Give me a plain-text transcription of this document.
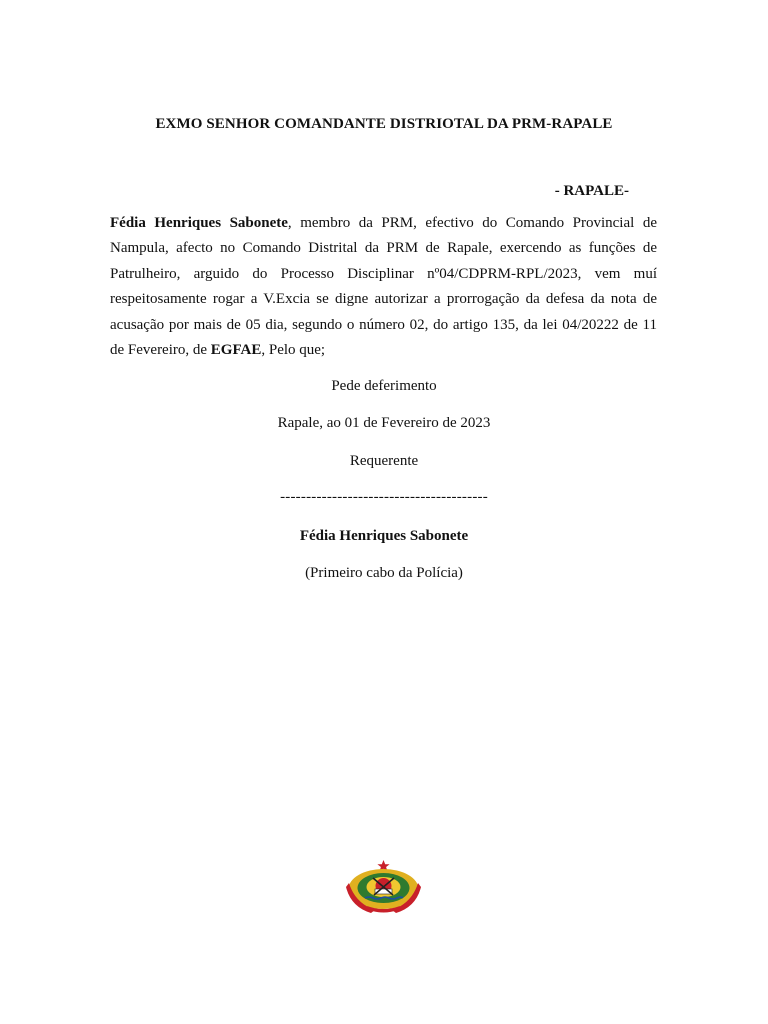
EXMO SENHOR COMANDANTE DISTRIOTAL DA PRM-RAPALE
- RAPALE-
Fédia Henriques Sabonete, membro da PRM, efectivo do Comando Provincial de Nampula, afecto no Comando Distrital da PRM de Rapale, exercendo as funções de Patrulheiro, arguido do Processo Disciplinar nº04/CDPRM-RPL/2023, vem muí respeitosamente rogar a V.Excia se digne autorizar a prorrogação da defesa da nota de acusação por mais de 05 dia, segundo o número 02, do artigo 135, da lei 04/20222 de 11 de Fevereiro, de EGFAE, Pelo que;
Pede deferimento
Rapale, ao 01 de Fevereiro de 2023
Requerente
----------------------------------------
Fédia Henriques Sabonete
(Primeiro cabo da Polícia)
